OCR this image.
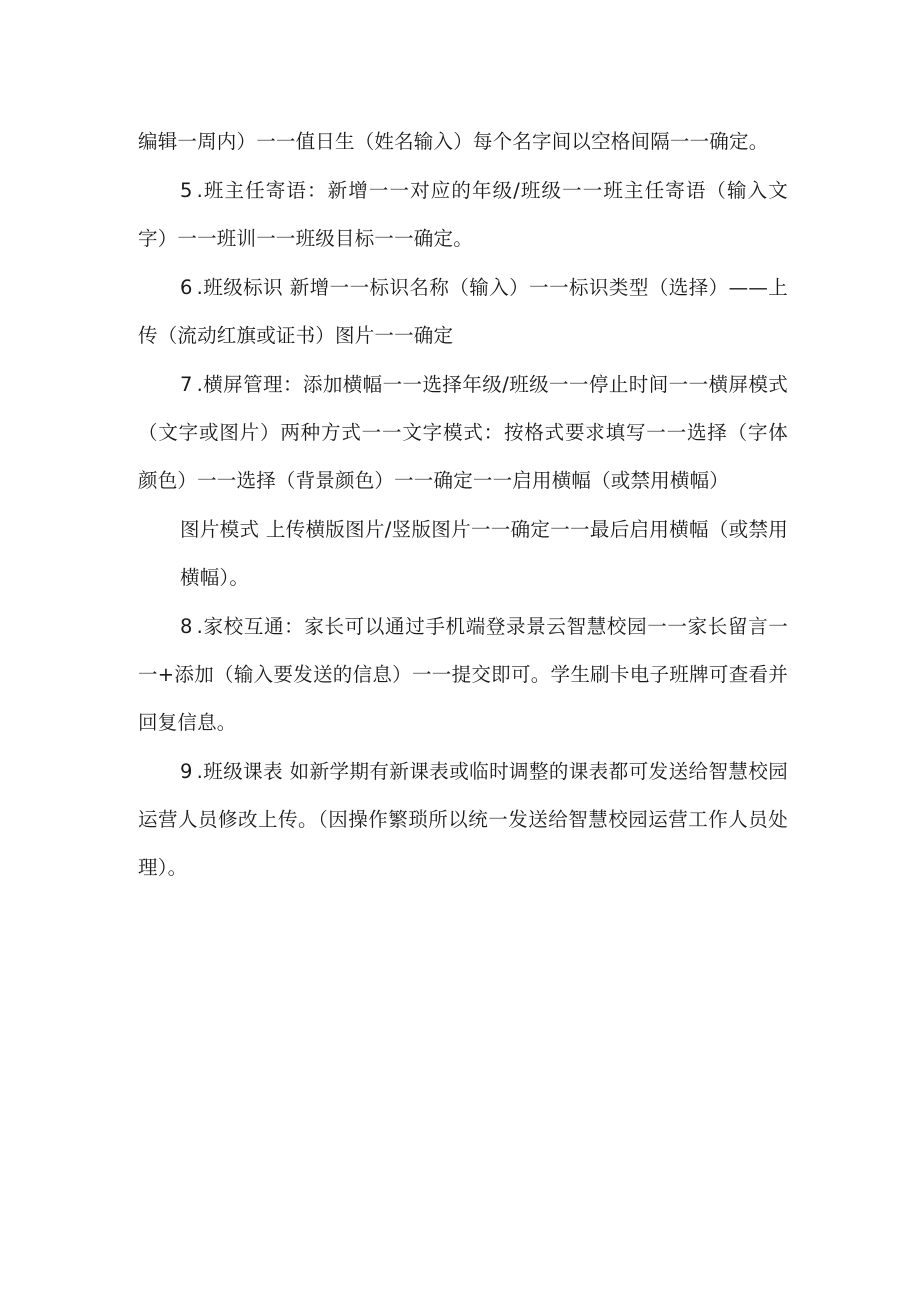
编辑一周内）一一值日生（姓名输入）每个名字间以空格间隔一一确定。

5 .班主任寄语：新增一一对应的年级/班级一一班主任寄语（输入文字）一一班训一一班级目标一一确定。

6 .班级标识 新增一一标识名称（输入）一一标识类型（选择）——上传（流动红旗或证书）图片一一确定

7 .横屏管理：添加横幅一一选择年级/班级一一停止时间一一横屏模式（文字或图片）两种方式一一文字模式：按格式要求填写一一选择（字体颜色）一一选择（背景颜色）一一确定一一启用横幅（或禁用横幅）

图片模式 上传横版图片/竖版图片一一确定一一最后启用横幅（或禁用横幅）。

8 .家校互通：家长可以通过手机端登录景云智慧校园一一家长留言一一+添加（输入要发送的信息）一一提交即可。学生刷卡电子班牌可查看并回复信息。

9 .班级课表 如新学期有新课表或临时调整的课表都可发送给智慧校园运营人员修改上传。（因操作繁琐所以统一发送给智慧校园运营工作人员处理）。
